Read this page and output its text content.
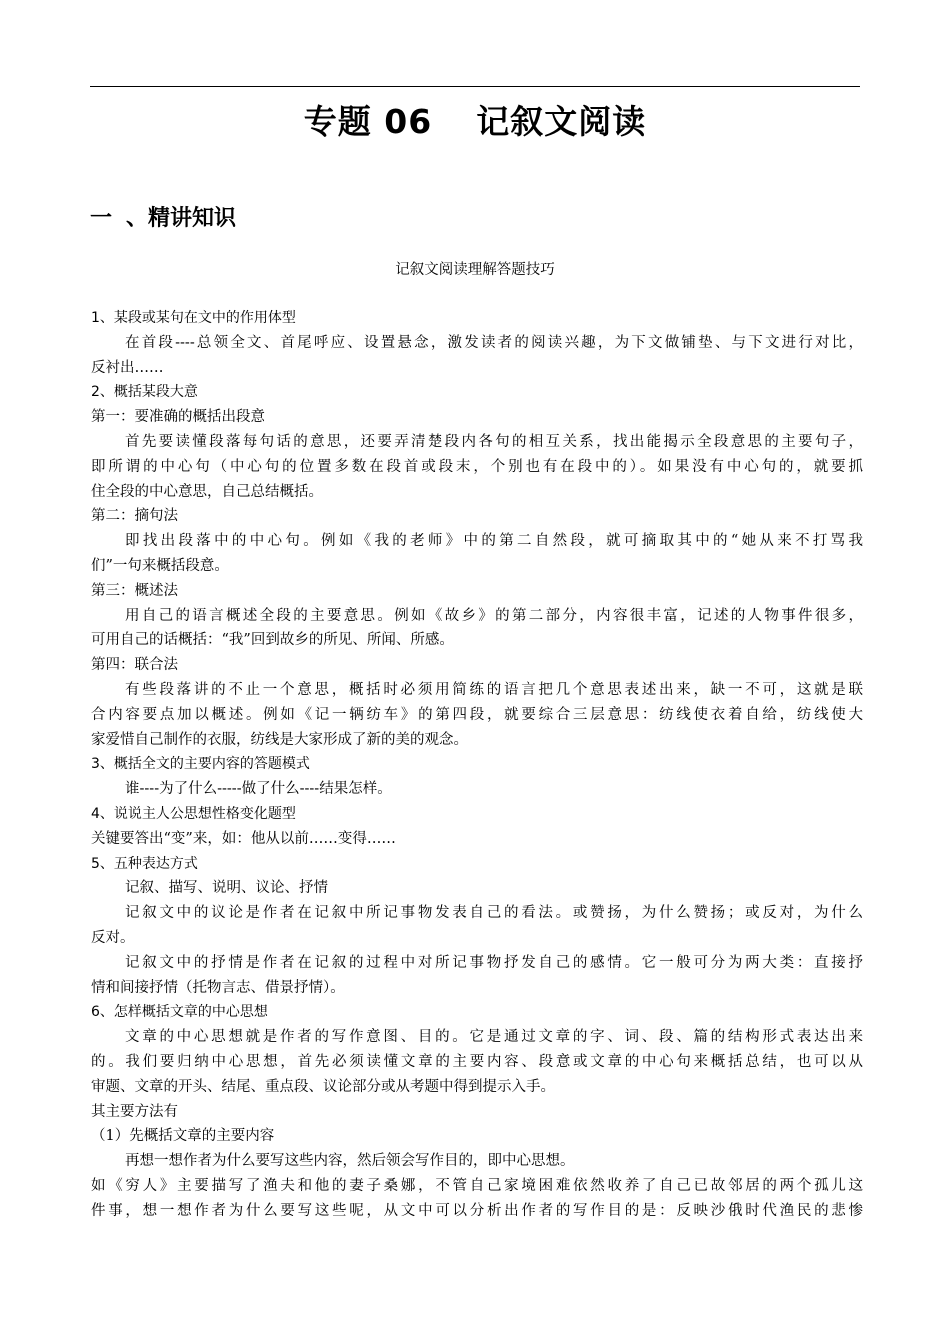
专题 06 记叙文阅读
一 、精讲知识
记叙文阅读理解答题技巧
1、某段或某句在文中的作用体型
在首段----总领全文、首尾呼应、设置悬念，激发读者的阅读兴趣，为下文做铺垫、与下文进行对比，
反衬出……
2、概括某段大意
第一：要准确的概括出段意
首先要读懂段落每句话的意思，还要弄清楚段内各句的相互关系，找出能揭示全段意思的主要句子，
即所谓的中心句（中心句的位置多数在段首或段末，个别也有在段中的）。如果没有中心句的，就要抓
住全段的中心意思，自己总结概括。
第二：摘句法
即找出段落中的中心句。例如《我的老师》中的第二自然段，就可摘取其中的“她从来不打骂我
们”一句来概括段意。
第三：概述法
用自己的语言概述全段的主要意思。例如《故乡》的第二部分，内容很丰富，记述的人物事件很多，
可用自己的话概括：“我”回到故乡的所见、所闻、所感。
第四：联合法
有些段落讲的不止一个意思，概括时必须用简练的语言把几个意思表述出来，缺一不可，这就是联
合内容要点加以概述。例如《记一辆纺车》的第四段，就要综合三层意思：纺线使衣着自给，纺线使大
家爱惜自己制作的衣服，纺线是大家形成了新的美的观念。
3、概括全文的主要内容的答题模式
谁----为了什么-----做了什么----结果怎样。
4、说说主人公思想性格变化题型
关键要答出“变”来，如：他从以前……变得……
5、五种表达方式
记叙、描写、说明、议论、抒情
记叙文中的议论是作者在记叙中所记事物发表自己的看法。或赞扬，为什么赞扬；或反对，为什么
反对。
记叙文中的抒情是作者在记叙的过程中对所记事物抒发自己的感情。它一般可分为两大类：直接抒
情和间接抒情（托物言志、借景抒情）。
6、怎样概括文章的中心思想
文章的中心思想就是作者的写作意图、目的。它是通过文章的字、词、段、篇的结构形式表达出来
的。我们要归纳中心思想，首先必须读懂文章的主要内容、段意或文章的中心句来概括总结，也可以从
审题、文章的开头、结尾、重点段、议论部分或从考题中得到提示入手。
其主要方法有
（1）先概括文章的主要内容
再想一想作者为什么要写这些内容，然后领会写作目的，即中心思想。
如《穷人》主要描写了渔夫和他的妻子桑娜，不管自己家境困难依然收养了自己已故邻居的两个孤儿这
件事，想一想作者为什么要写这些呢，从文中可以分析出作者的写作目的是：反映沙俄时代渔民的悲惨
